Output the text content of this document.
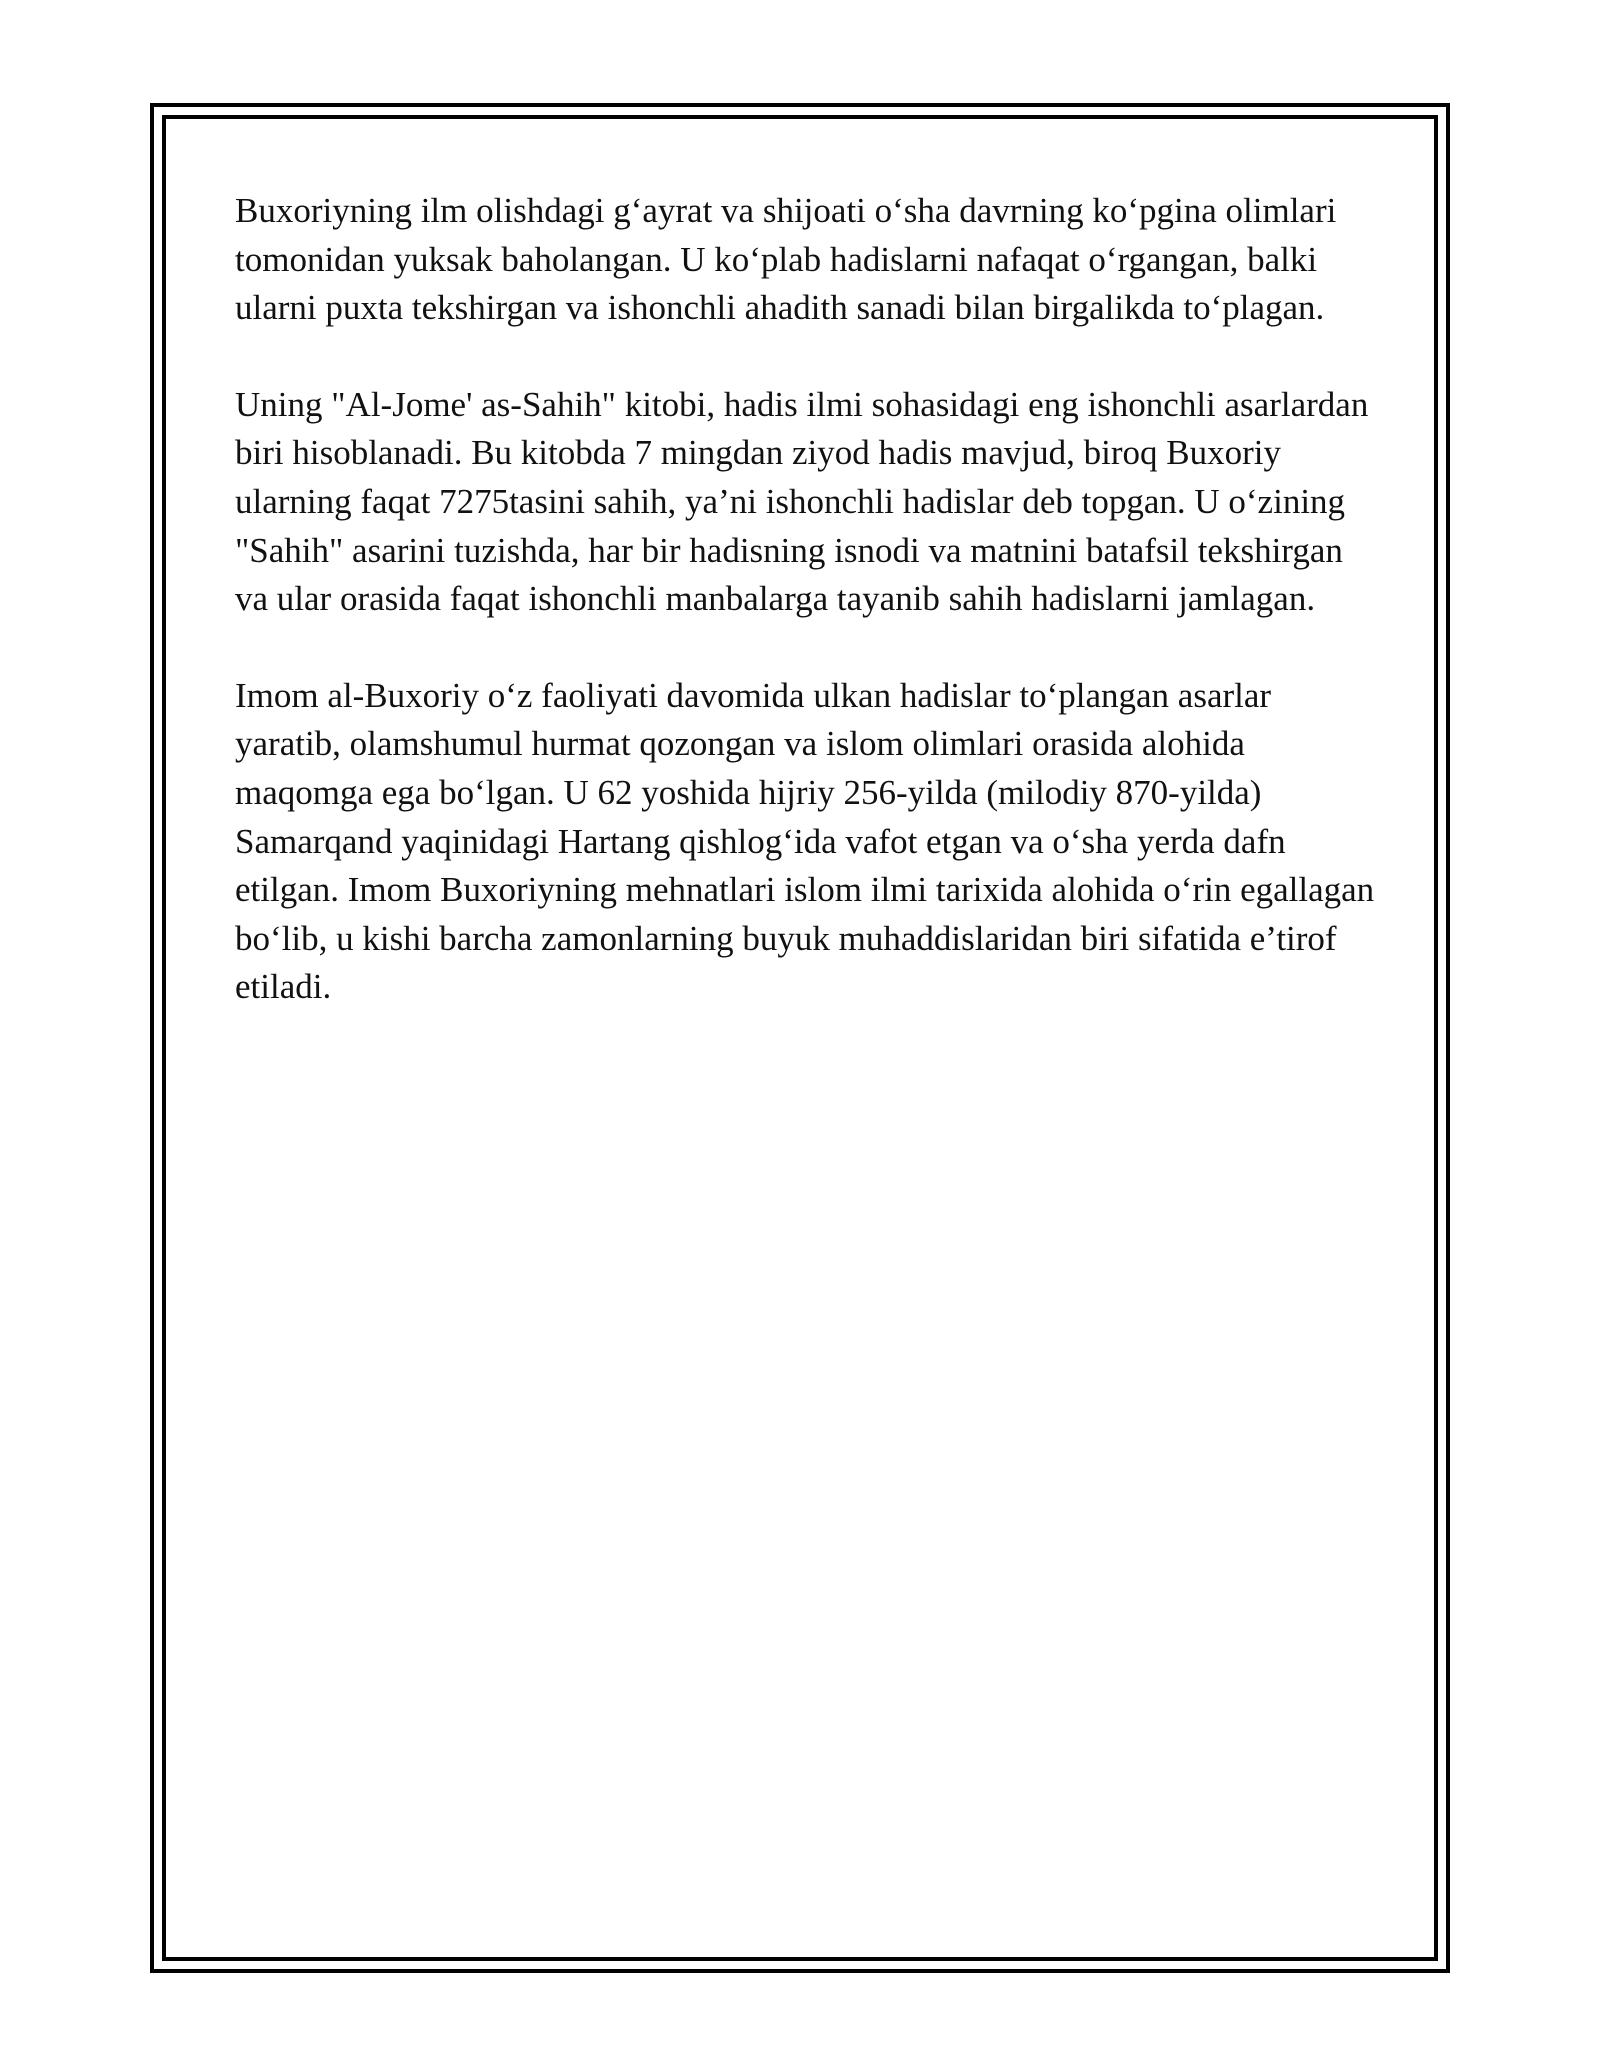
Buxoriyning ilm olishdagi g‘ayrat va shijoati o‘sha davrning ko‘pgina olimlari tomonidan yuksak baholangan. U ko‘plab hadislarni nafaqat o‘rgangan, balki ularni puxta tekshirgan va ishonchli ahadith sanadi bilan birgalikda to‘plagan.

Uning "Al-Jome' as-Sahih" kitobi, hadis ilmi sohasidagi eng ishonchli asarlardan biri hisoblanadi. Bu kitobda 7 mingdan ziyod hadis mavjud, biroq Buxoriy ularning faqat 7275tasini sahih, ya’ni ishonchli hadislar deb topgan. U o‘zining "Sahih" asarini tuzishda, har bir hadisning isnodi va matnini batafsil tekshirgan va ular orasida faqat ishonchli manbalarga tayanib sahih hadislarni jamlagan.

Imom al-Buxoriy o‘z faoliyati davomida ulkan hadislar to‘plangan asarlar yaratib, olamshumul hurmat qozongan va islom olimlari orasida alohida maqomga ega bo‘lgan. U 62 yoshida hijriy 256-yilda (milodiy 870-yilda) Samarqand yaqinidagi Hartang qishlog‘ida vafot etgan va o‘sha yerda dafn etilgan. Imom Buxoriyning mehnatlari islom ilmi tarixida alohida o‘rin egallagan bo‘lib, u kishi barcha zamonlarning buyuk muhaddislaridan biri sifatida e’tirof etiladi.
